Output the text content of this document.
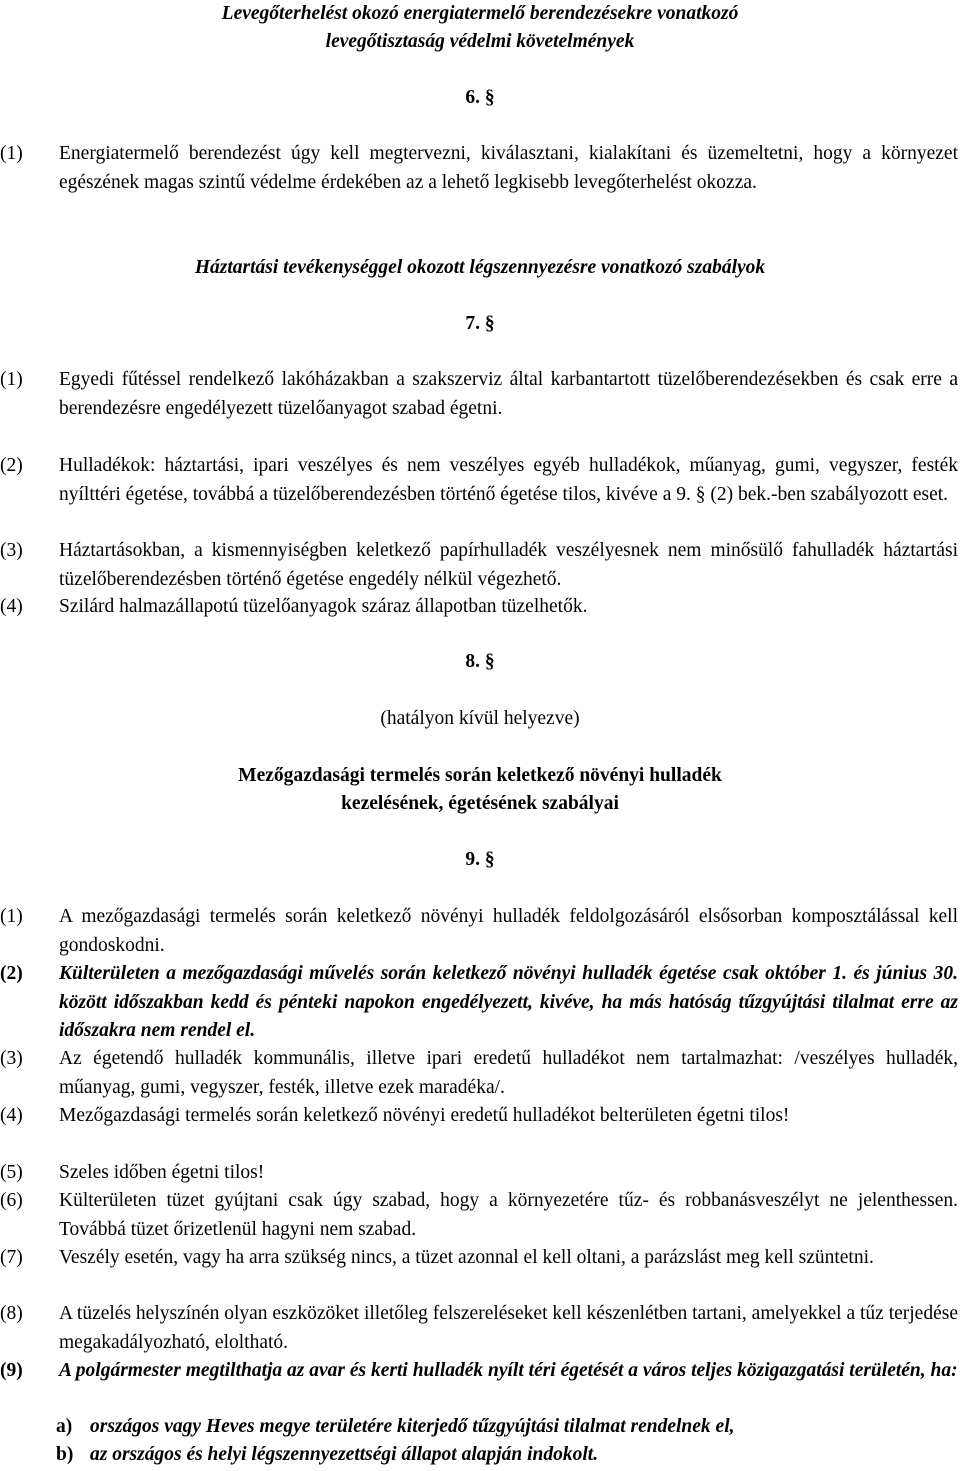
Levegőterhelést okozó energiatermelő berendezésekre vonatkozó
levegőtisztaság védelmi követelmények
6. §
(1) Energiatermelő berendezést úgy kell megtervezni, kiválasztani, kialakítani és üzemeltetni, hogy a környezet egészének magas szintű védelme érdekében az a lehető legkisebb levegőterhelést okozza.
Háztartási tevékenységgel okozott légszennyezésre vonatkozó szabályok
7. §
(1) Egyedi fűtéssel rendelkező lakóházakban a szakszerviz által karbantartott tüzelőberendezésekben és csak erre a berendezésre engedélyezett tüzelőanyagot szabad égetni.
(2) Hulladékok: háztartási, ipari veszélyes és nem veszélyes egyéb hulladékok, műanyag, gumi, vegyszer, festék nyílttéri égetése, továbbá a tüzelőberendezésben történő égetése tilos, kivéve a 9. § (2) bek.-ben szabályozott eset.
(3) Háztartásokban, a kismennyiségben keletkező papírhulladék veszélyesnek nem minősülő fahulladék háztartási tüzelőberendezésben történő égetése engedély nélkül végezhető.
(4) Szilárd halmazállapotú tüzelőanyagok száraz állapotban tüzelhetők.
8. §
(hatályon kívül helyezve)
Mezőgazdasági termelés során keletkező növényi hulladék
kezelésének, égetésének szabályai
9. §
(1) A mezőgazdasági termelés során keletkező növényi hulladék feldolgozásáról elsősorban komposztálással kell gondoskodni.
(2) Külterületen a mezőgazdasági művelés során keletkező növényi hulladék égetése csak október 1. és június 30. között időszakban kedd és pénteki napokon engedélyezett, kivéve, ha más hatóság tűzgyújtási tilalmat erre az időszakra nem rendel el.
(3) Az égetendő hulladék kommunális, illetve ipari eredetű hulladékot nem tartalmazhat: /veszélyes hulladék, műanyag, gumi, vegyszer, festék, illetve ezek maradéka/.
(4) Mezőgazdasági termelés során keletkező növényi eredetű hulladékot belterületen égetni tilos!
(5) Szeles időben égetni tilos!
(6) Külterületen tüzet gyújtani csak úgy szabad, hogy a környezetére tűz- és robbanásveszélyt ne jelenthessen. Továbbá tüzet őrizetlenül hagyni nem szabad.
(7) Veszély esetén, vagy ha arra szükség nincs, a tüzet azonnal el kell oltani, a parázslást meg kell szüntetni.
(8) A tüzelés helyszínén olyan eszközöket illetőleg felszereléseket kell készenlétben tartani, amelyekkel a tűz terjedése megakadályozható, eloltható.
(9) A polgármester megtilthatja az avar és kerti hulladék nyílt téri égetését a város teljes közigazgatási területén, ha:
a) országos vagy Heves megye területére kiterjedő tűzgyújtási tilalmat rendelnek el,
b) az országos és helyi légszennyezettségi állapot alapján indokolt.
